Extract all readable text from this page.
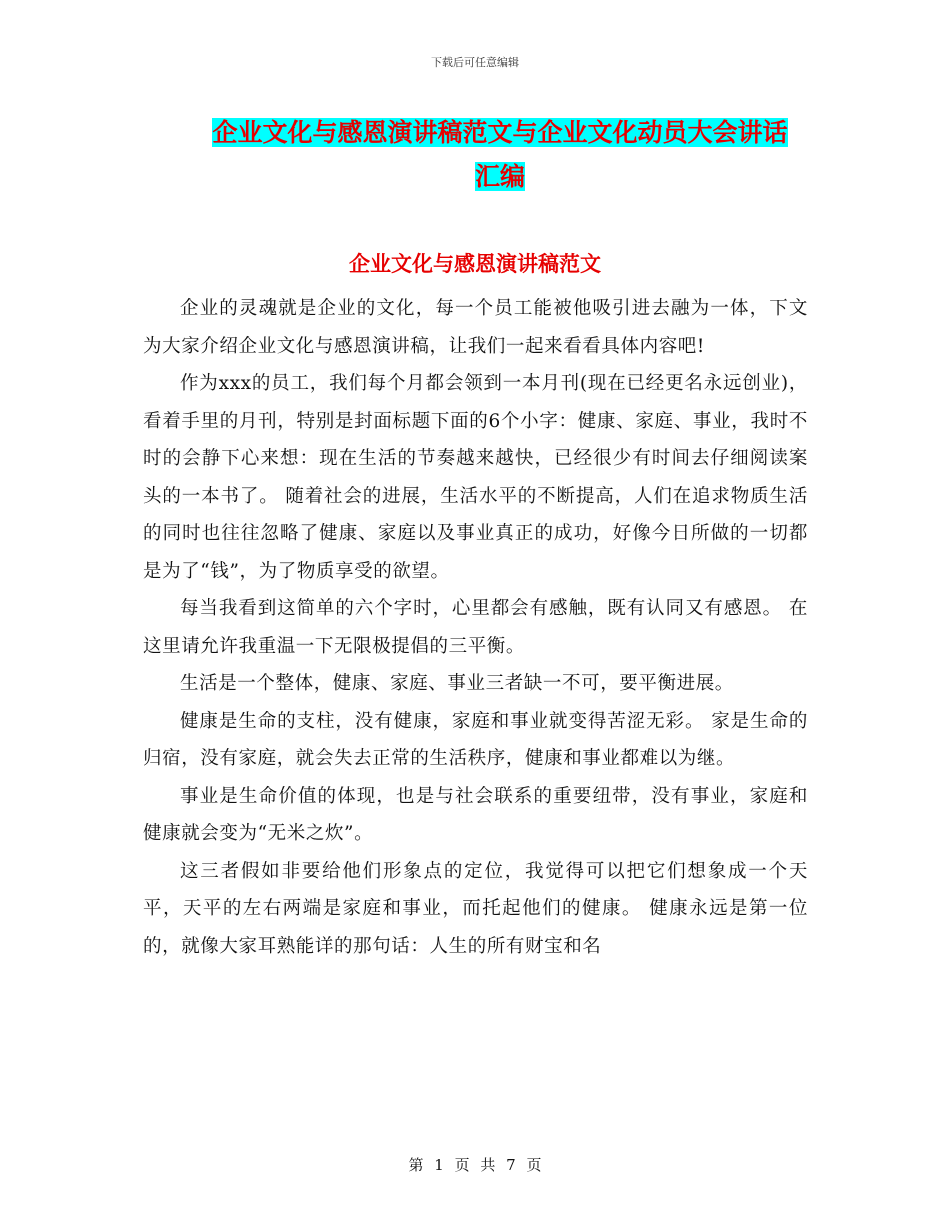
下载后可任意编辑
企业文化与感恩演讲稿范文与企业文化动员大会讲话
汇编
企业文化与感恩演讲稿范文

企业的灵魂就是企业的文化，每一个员工能被他吸引进去融为一体，下文为大家介绍企业文化与感恩演讲稿，让我们一起来看看具体内容吧!

作为xxx的员工，我们每个月都会领到一本月刊(现在已经更名永远创业)，看着手里的月刊，特别是封面标题下面的6个小字：健康、家庭、事业，我时不时的会静下心来想：现在生活的节奏越来越快，已经很少有时间去仔细阅读案头的一本书了。 随着社会的进展，生活水平的不断提高，人们在追求物质生活的同时也往往忽略了健康、家庭以及事业真正的成功，好像今日所做的一切都是为了“钱”，为了物质享受的欲望。

每当我看到这简单的六个字时，心里都会有感触，既有认同又有感恩。 在这里请允许我重温一下无限极提倡的三平衡。

生活是一个整体，健康、家庭、事业三者缺一不可，要平衡进展。

健康是生命的支柱，没有健康，家庭和事业就变得苦涩无彩。 家是生命的归宿，没有家庭，就会失去正常的生活秩序，健康和事业都难以为继。

事业是生命价值的体现，也是与社会联系的重要纽带，没有事业，家庭和健康就会变为“无米之炊”。

这三者假如非要给他们形象点的定位，我觉得可以把它们想象成一个天平，天平的左右两端是家庭和事业，而托起他们的健康。 健康永远是第一位的，就像大家耳熟能详的那句话：人生的所有财宝和名

第 1 页 共 7 页
